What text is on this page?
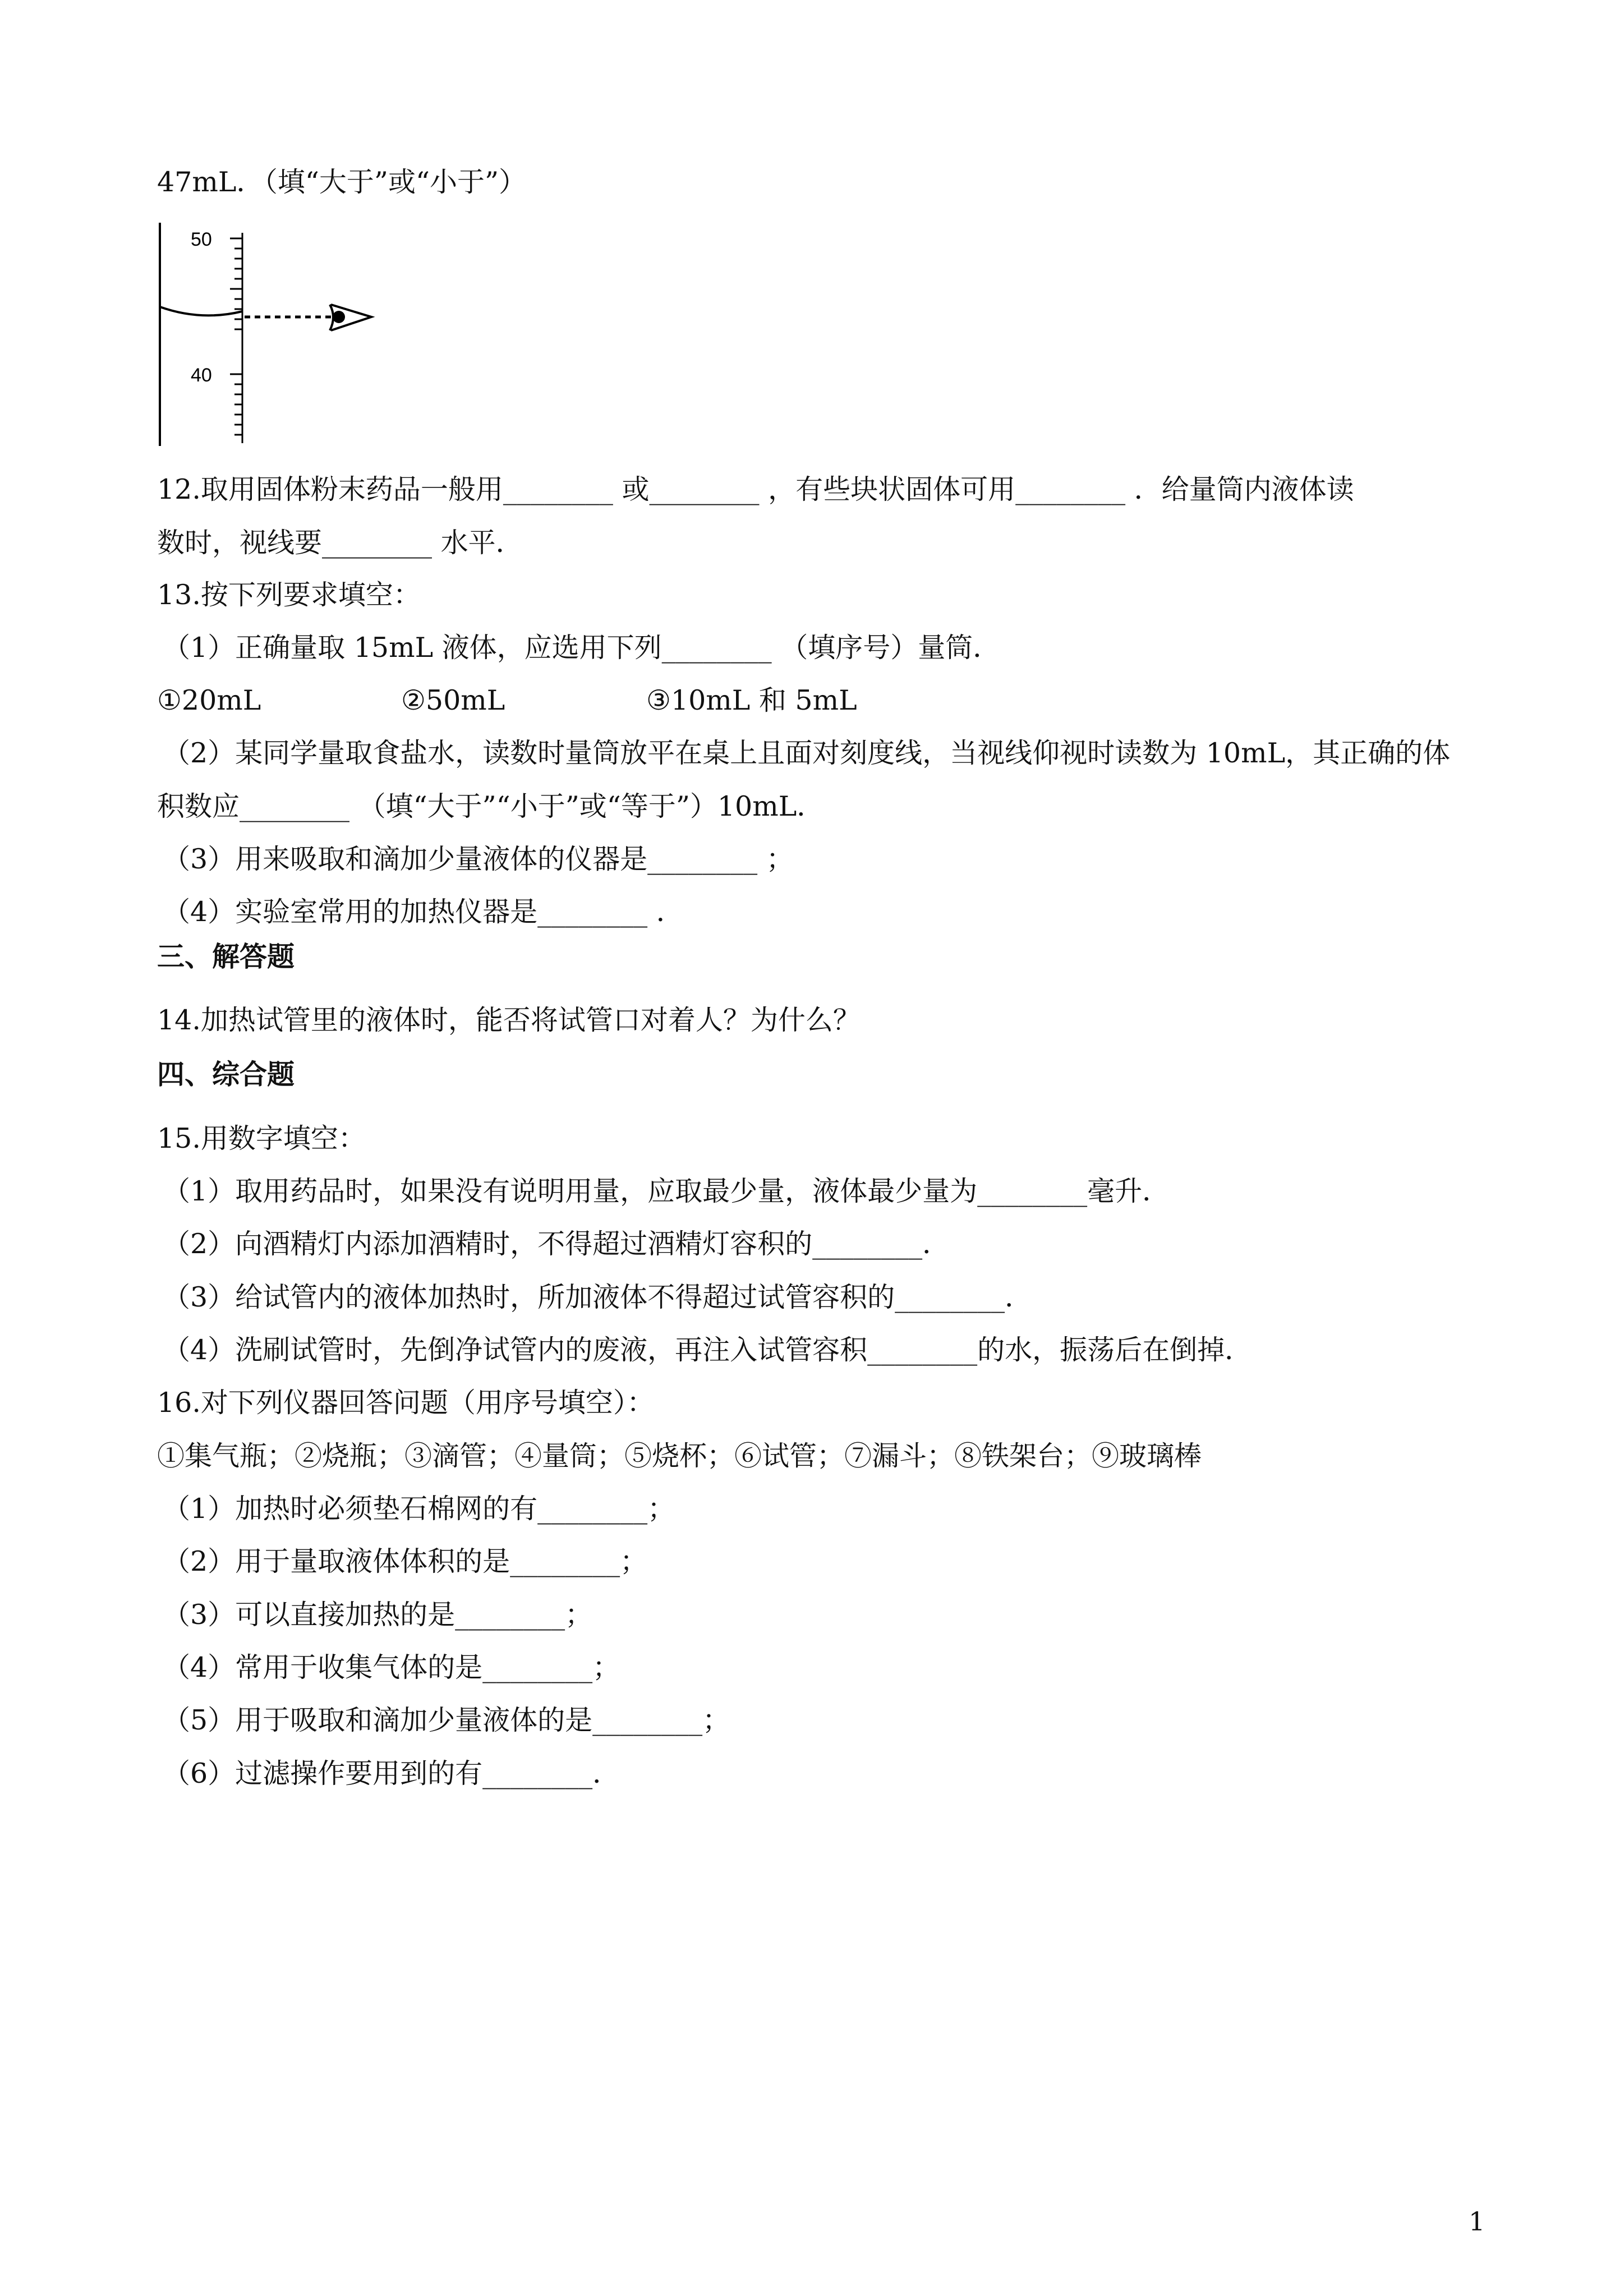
47mL．（填“大于”或“小于”）
50
40
12.取用固体粉末药品一般用________ 或________ ，有些块状固体可用________ ．给量筒内液体读
数时，视线要________ 水平．
13.按下列要求填空：
（1）正确量取 15mL 液体，应选用下列________ （填序号）量筒．
①20mL	②50mL	③10mL 和 5mL
（2）某同学量取食盐水，读数时量筒放平在桌上且面对刻度线，当视线仰视时读数为 10mL，其正确的体
积数应________ （填“大于”“小于”或“等于”）10mL．
（3）用来吸取和滴加少量液体的仪器是________ ；
（4）实验室常用的加热仪器是________ ．
三、解答题
14.加热试管里的液体时，能否将试管口对着人？为什么？
四、综合题
15.用数字填空：
（1）取用药品时，如果没有说明用量，应取最少量，液体最少量为________毫升．
（2）向酒精灯内添加酒精时，不得超过酒精灯容积的________．
（3）给试管内的液体加热时，所加液体不得超过试管容积的________．
（4）洗刷试管时，先倒净试管内的废液，再注入试管容积________的水，振荡后在倒掉．
16.对下列仪器回答问题（用序号填空）：
①集气瓶；②烧瓶；③滴管；④量筒；⑤烧杯；⑥试管；⑦漏斗；⑧铁架台；⑨玻璃棒
（1）加热时必须垫石棉网的有________；
（2）用于量取液体体积的是________；
（3）可以直接加热的是________；
（4）常用于收集气体的是________；
（5）用于吸取和滴加少量液体的是________；
（6）过滤操作要用到的有________．
1
